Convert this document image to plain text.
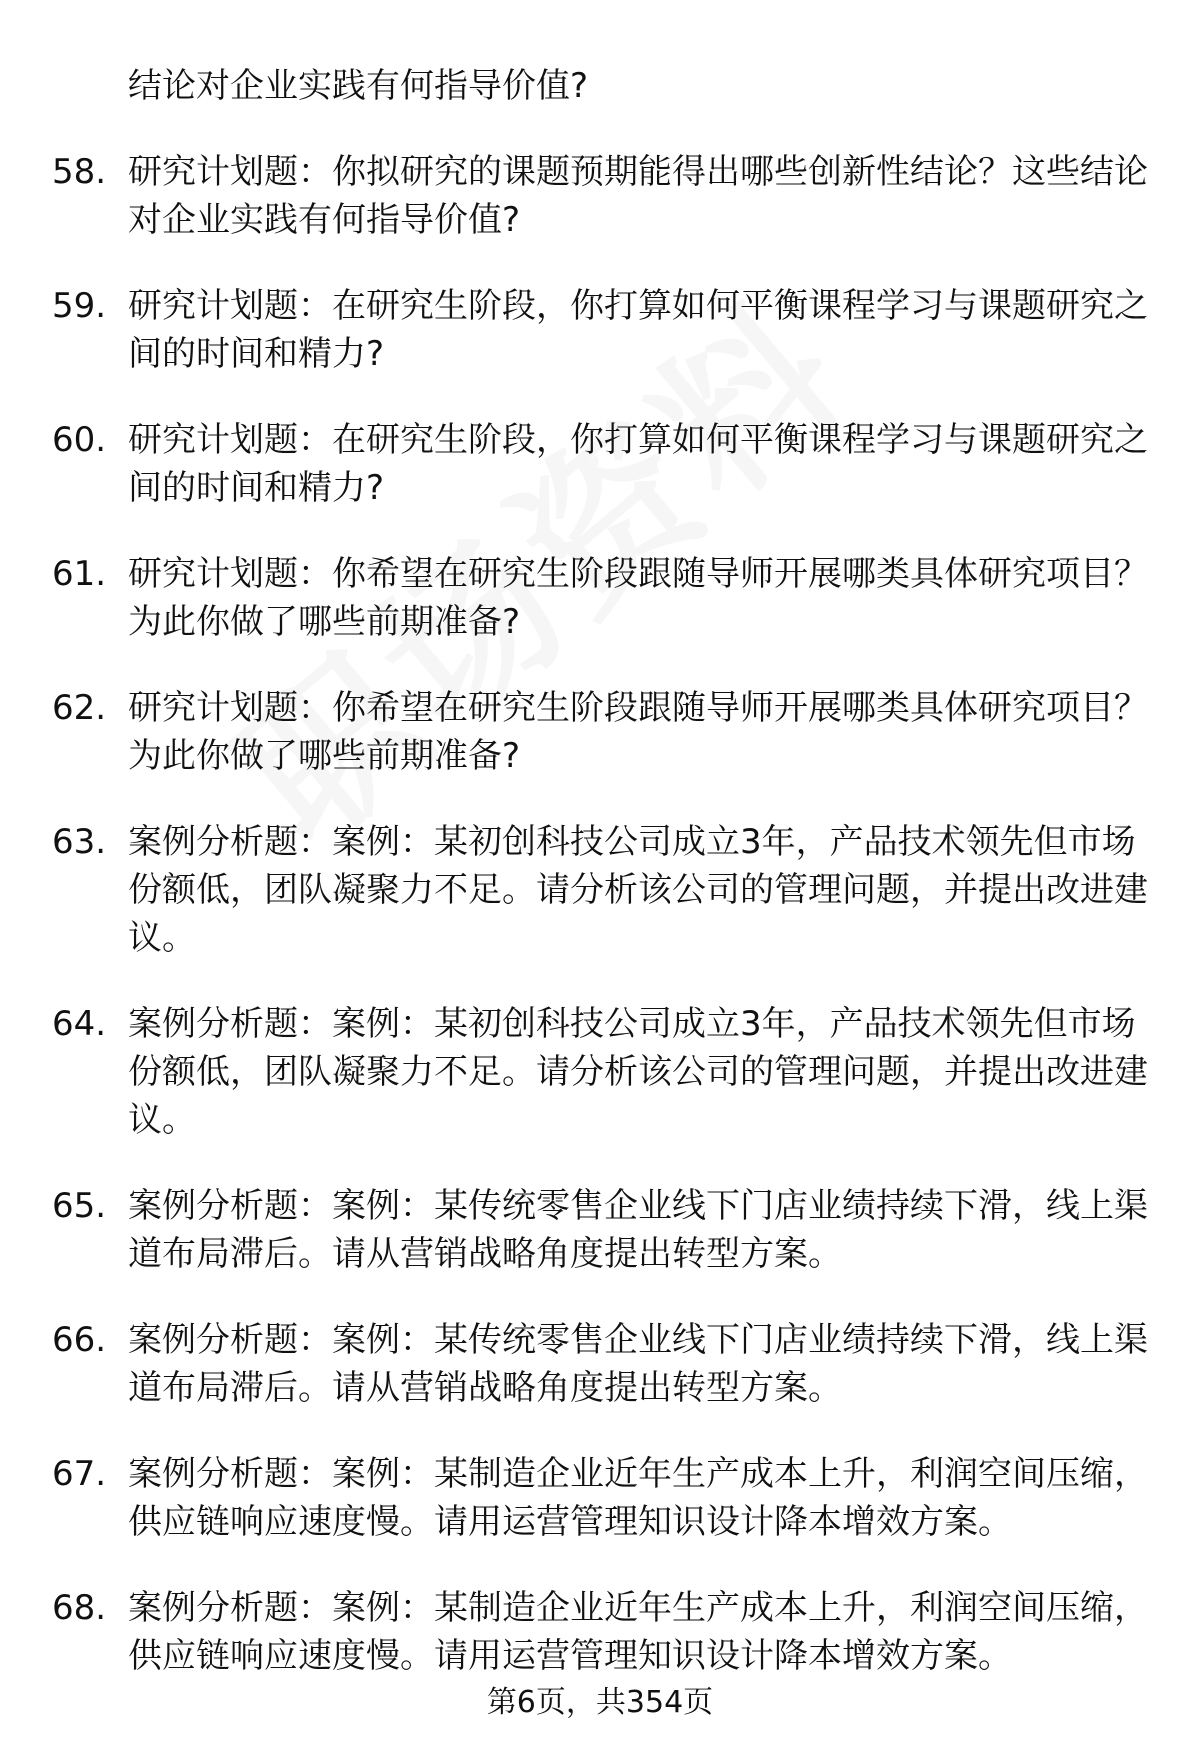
结论对企业实践有何指导价值?
58. 研究计划题：你拟研究的课题预期能得出哪些创新性结论？这些结论对企业实践有何指导价值?
59. 研究计划题：在研究生阶段，你打算如何平衡课程学习与课题研究之间的时间和精力?
60. 研究计划题：在研究生阶段，你打算如何平衡课程学习与课题研究之间的时间和精力?
61. 研究计划题：你希望在研究生阶段跟随导师开展哪类具体研究项目？为此你做了哪些前期准备?
62. 研究计划题：你希望在研究生阶段跟随导师开展哪类具体研究项目？为此你做了哪些前期准备?
63. 案例分析题：案例：某初创科技公司成立3年，产品技术领先但市场份额低，团队凝聚力不足。请分析该公司的管理问题，并提出改进建议。
64. 案例分析题：案例：某初创科技公司成立3年，产品技术领先但市场份额低，团队凝聚力不足。请分析该公司的管理问题，并提出改进建议。
65. 案例分析题：案例：某传统零售企业线下门店业绩持续下滑，线上渠道布局滞后。请从营销战略角度提出转型方案。
66. 案例分析题：案例：某传统零售企业线下门店业绩持续下滑，线上渠道布局滞后。请从营销战略角度提出转型方案。
67. 案例分析题：案例：某制造企业近年生产成本上升，利润空间压缩，供应链响应速度慢。请用运营管理知识设计降本增效方案。
68. 案例分析题：案例：某制造企业近年生产成本上升，利润空间压缩，供应链响应速度慢。请用运营管理知识设计降本增效方案。
第6页，共354页
